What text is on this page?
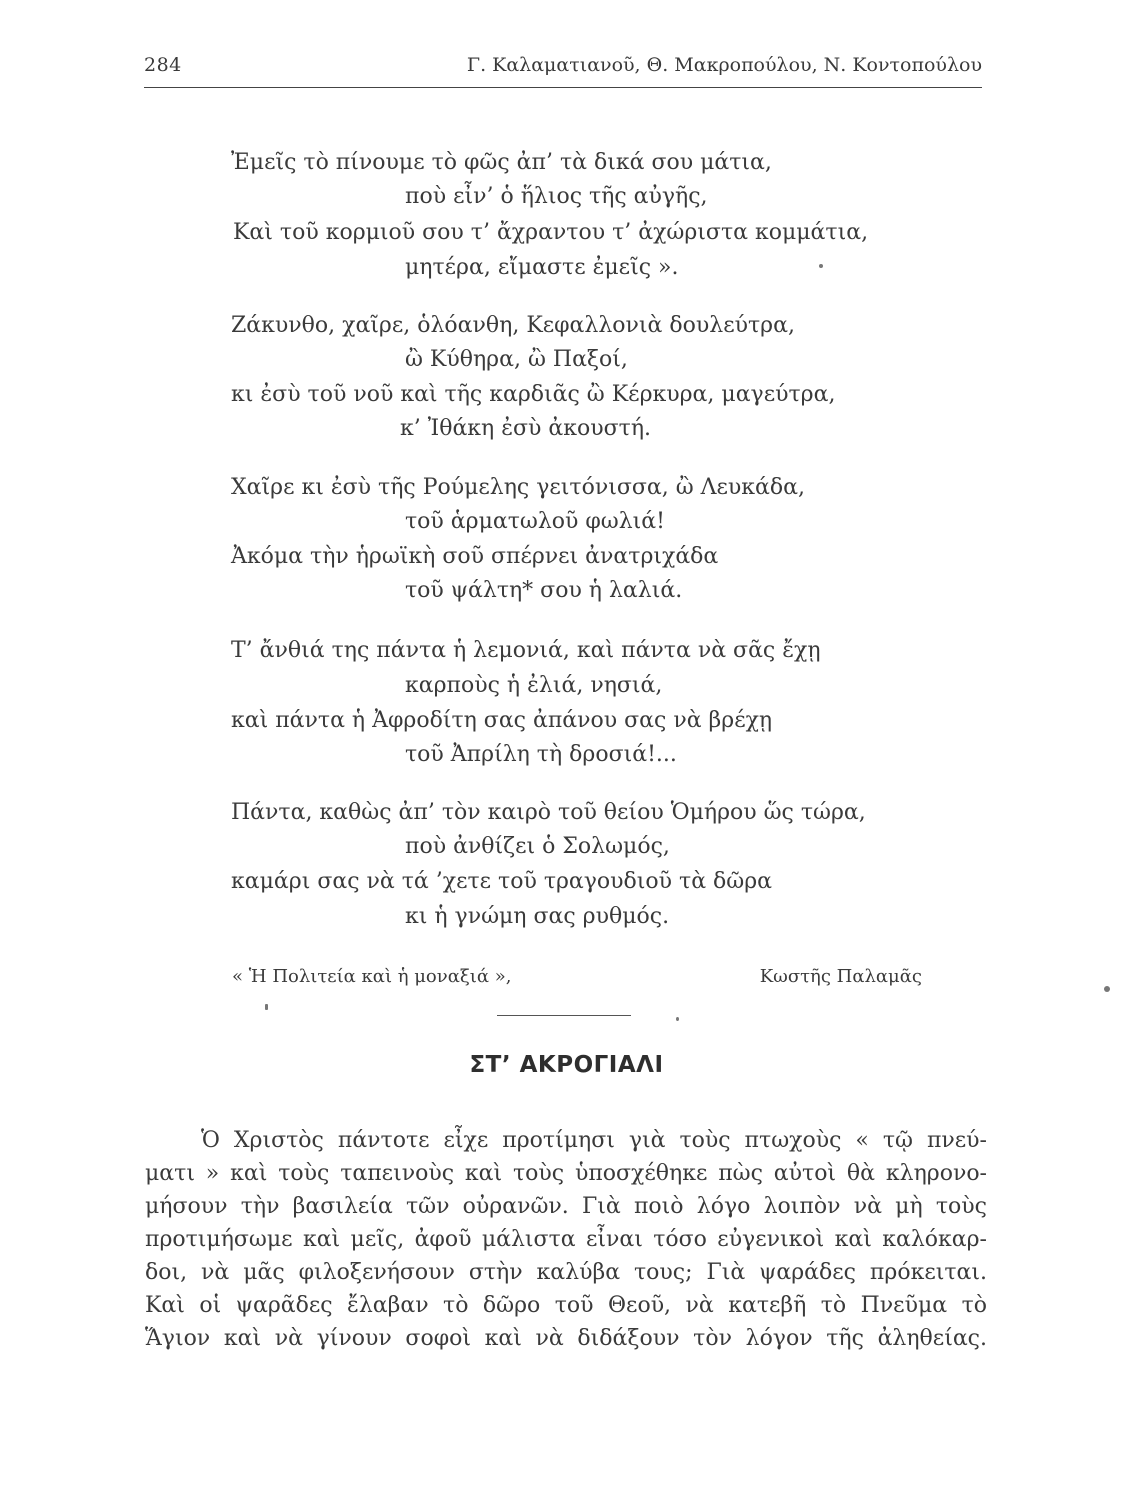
284	Γ. Καλαματιανοῦ, Θ. Μακροπούλου, Ν. Κοντοπούλου
Ἐμεῖς τὸ πίνουμε τὸ φῶς ἀπ’ τὰ δικά σου μάτια,
ποὺ εἶν’ ὁ ἥλιος τῆς αὐγῆς,
Καὶ τοῦ κορμιοῦ σου τ’ ἄχραντου τ’ ἀχώριστα κομμάτια,
μητέρα, εἴμαστε ἐμεῖς ».
Ζάκυνθο, χαῖρε, ὁλόανθη, Κεφαλλονιὰ δουλεύτρα,
ὢ Κύθηρα, ὢ Παξοί,
κι ἐσὺ τοῦ νοῦ καὶ τῆς καρδιᾶς ὢ Κέρκυρα, μαγεύτρα,
κ’ Ἰθάκη ἐσὺ ἀκουστή.
Χαῖρε κι ἐσὺ τῆς Ρούμελης γειτόνισσα, ὢ Λευκάδα,
τοῦ ἁρματωλοῦ φωλιά!
Ἀκόμα τὴν ἡρωϊκὴ σοῦ σπέρνει ἀνατριχάδα
τοῦ ψάλτη* σου ἡ λαλιά.
Τ’ ἄνθιά της πάντα ἡ λεμονιά, καὶ πάντα νὰ σᾶς ἔχῃ
καρποὺς ἡ ἐλιά, νησιά,
καὶ πάντα ἡ Ἀφροδίτη σας ἀπάνου σας νὰ βρέχῃ
τοῦ Ἀπρίλη τὴ δροσιά!...
Πάντα, καθὼς ἀπ’ τὸν καιρὸ τοῦ θείου Ὁμήρου ὥς τώρα,
ποὺ ἀνθίζει ὁ Σολωμός,
καμάρι σας νὰ τά ’χετε τοῦ τραγουδιοῦ τὰ δῶρα
κι ἡ γνώμη σας ρυθμός.
« Ἡ Πολιτεία καὶ ἡ μοναξιά »,	Κωστῆς Παλαμᾶς
ΣΤ’ ΑΚΡΟΓΙΑΛΙ
Ὁ Χριστὸς πάντοτε εἶχε προτίμησι γιὰ τοὺς πτωχοὺς « τῷ πνεύ-
ματι » καὶ τοὺς ταπεινοὺς καὶ τοὺς ὑποσχέθηκε πὼς αὐτοὶ θὰ κληρονο-
μήσουν τὴν βασιλεία τῶν οὐρανῶν. Γιὰ ποιὸ λόγο λοιπὸν νὰ μὴ τοὺς
προτιμήσωμε καὶ μεῖς, ἀφοῦ μάλιστα εἶναι τόσο εὐγενικοὶ καὶ καλόκαρ-
δοι, νὰ μᾶς φιλοξενήσουν στὴν καλύβα τους; Γιὰ ψαράδες πρόκειται.
Καὶ οἱ ψαρᾶδες ἔλαβαν τὸ δῶρο τοῦ Θεοῦ, νὰ κατεβῆ τὸ Πνεῦμα τὸ
Ἅγιον καὶ νὰ γίνουν σοφοὶ καὶ νὰ διδάξουν τὸν λόγον τῆς ἀληθείας.
